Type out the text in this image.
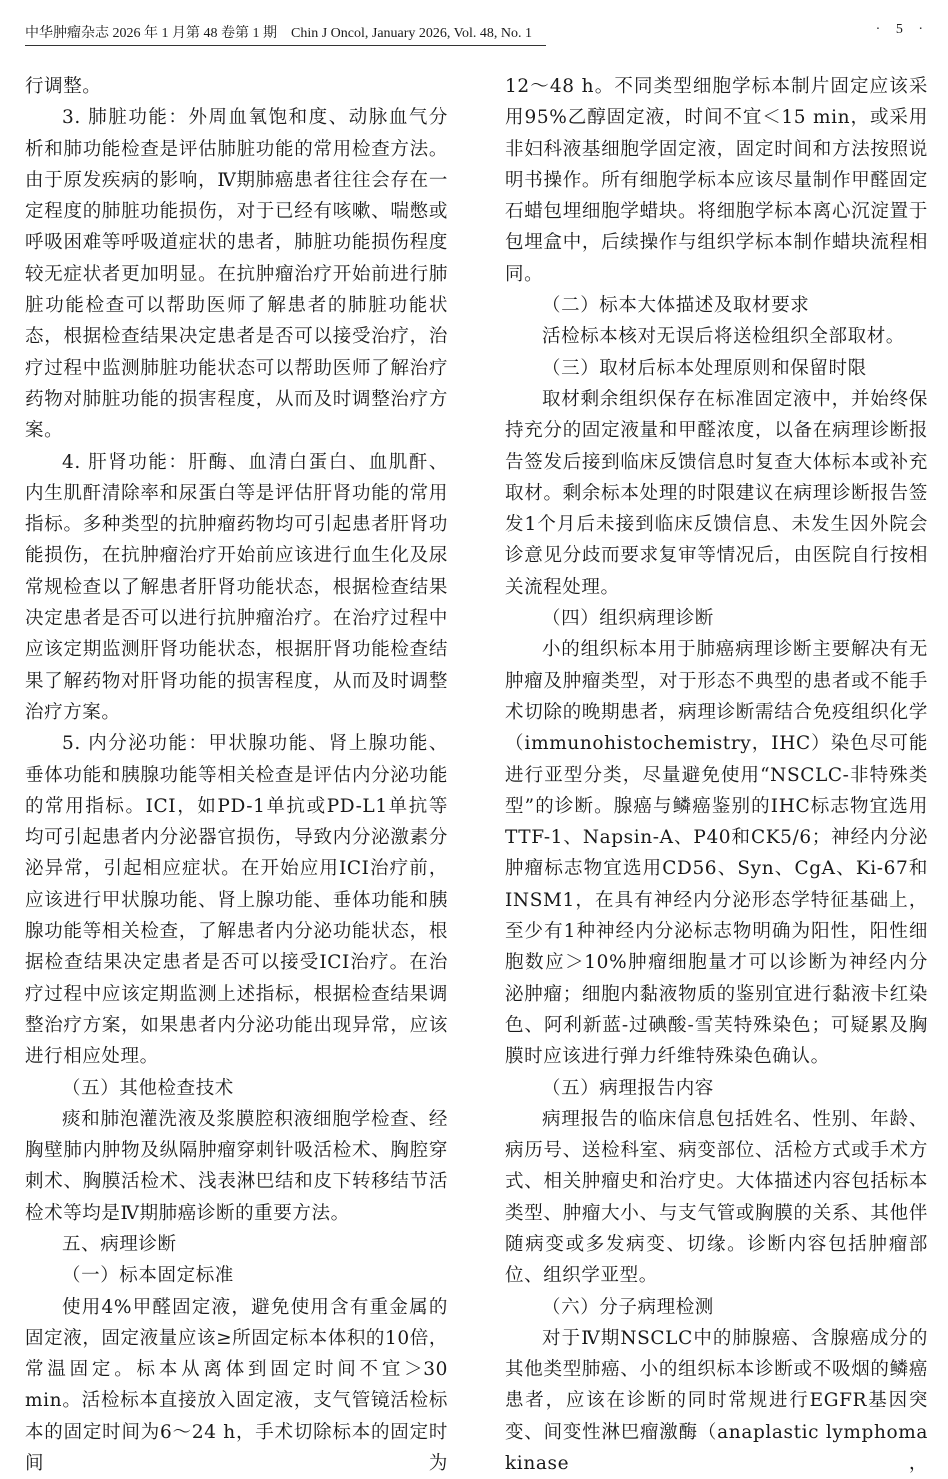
中华肿瘤杂志 2026 年 1 月第 48 卷第 1 期 Chin J Oncol, January 2026, Vol. 48, No. 1	· 5 ·

行调整。

3. 肺脏功能：外周血氧饱和度、动脉血气分析和肺功能检查是评估肺脏功能的常用检查方法。由于原发疾病的影响，Ⅳ期肺癌患者往往会存在一定程度的肺脏功能损伤，对于已经有咳嗽、喘憋或呼吸困难等呼吸道症状的患者，肺脏功能损伤程度较无症状者更加明显。在抗肿瘤治疗开始前进行肺脏功能检查可以帮助医师了解患者的肺脏功能状态，根据检查结果决定患者是否可以接受治疗，治疗过程中监测肺脏功能状态可以帮助医师了解治疗药物对肺脏功能的损害程度，从而及时调整治疗方案。

4. 肝肾功能：肝酶、血清白蛋白、血肌酐、内生肌酐清除率和尿蛋白等是评估肝肾功能的常用指标。多种类型的抗肿瘤药物均可引起患者肝肾功能损伤，在抗肿瘤治疗开始前应该进行血生化及尿常规检查以了解患者肝肾功能状态，根据检查结果决定患者是否可以进行抗肿瘤治疗。在治疗过程中应该定期监测肝肾功能状态，根据肝肾功能检查结果了解药物对肝肾功能的损害程度，从而及时调整治疗方案。

5. 内分泌功能：甲状腺功能、肾上腺功能、垂体功能和胰腺功能等相关检查是评估内分泌功能的常用指标。ICI，如PD-1单抗或PD-L1单抗等均可引起患者内分泌器官损伤，导致内分泌激素分泌异常，引起相应症状。在开始应用ICI治疗前，应该进行甲状腺功能、肾上腺功能、垂体功能和胰腺功能等相关检查，了解患者内分泌功能状态，根据检查结果决定患者是否可以接受ICI治疗。在治疗过程中应该定期监测上述指标，根据检查结果调整治疗方案，如果患者内分泌功能出现异常，应该进行相应处理。

（五）其他检查技术

痰和肺泡灌洗液及浆膜腔积液细胞学检查、经胸壁肺内肿物及纵隔肿瘤穿刺针吸活检术、胸腔穿刺术、胸膜活检术、浅表淋巴结和皮下转移结节活检术等均是Ⅳ期肺癌诊断的重要方法。

五、病理诊断

（一）标本固定标准

使用4%甲醛固定液，避免使用含有重金属的固定液，固定液量应该≥所固定标本体积的10倍，常温固定。标本从离体到固定时间不宜＞30 min。活检标本直接放入固定液，支气管镜活检标本的固定时间为6～24 h，手术切除标本的固定时间为

12～48 h。不同类型细胞学标本制片固定应该采用95%乙醇固定液，时间不宜＜15 min，或采用非妇科液基细胞学固定液，固定时间和方法按照说明书操作。所有细胞学标本应该尽量制作甲醛固定石蜡包埋细胞学蜡块。将细胞学标本离心沉淀置于包埋盒中，后续操作与组织学标本制作蜡块流程相同。

（二）标本大体描述及取材要求

活检标本核对无误后将送检组织全部取材。

（三）取材后标本处理原则和保留时限

取材剩余组织保存在标准固定液中，并始终保持充分的固定液量和甲醛浓度，以备在病理诊断报告签发后接到临床反馈信息时复查大体标本或补充取材。剩余标本处理的时限建议在病理诊断报告签发1个月后未接到临床反馈信息、未发生因外院会诊意见分歧而要求复审等情况后，由医院自行按相关流程处理。

（四）组织病理诊断

小的组织标本用于肺癌病理诊断主要解决有无肿瘤及肿瘤类型，对于形态不典型的患者或不能手术切除的晚期患者，病理诊断需结合免疫组织化学（immunohistochemistry，IHC）染色尽可能进行亚型分类，尽量避免使用“NSCLC-非特殊类型”的诊断。腺癌与鳞癌鉴别的IHC标志物宜选用TTF-1、Napsin-A、P40和CK5/6；神经内分泌肿瘤标志物宜选用CD56、Syn、CgA、Ki-67和INSM1，在具有神经内分泌形态学特征基础上，至少有1种神经内分泌标志物明确为阳性，阳性细胞数应＞10%肿瘤细胞量才可以诊断为神经内分泌肿瘤；细胞内黏液物质的鉴别宜进行黏液卡红染色、阿利新蓝-过碘酸-雪芙特殊染色；可疑累及胸膜时应该进行弹力纤维特殊染色确认。

（五）病理报告内容

病理报告的临床信息包括姓名、性别、年龄、病历号、送检科室、病变部位、活检方式或手术方式、相关肿瘤史和治疗史。大体描述内容包括标本类型、肿瘤大小、与支气管或胸膜的关系、其他伴随病变或多发病变、切缘。诊断内容包括肿瘤部位、组织学亚型。

（六）分子病理检测

对于Ⅳ期NSCLC中的肺腺癌、含腺癌成分的其他类型肺癌、小的组织标本诊断或不吸烟的鳞癌患者，应该在诊断的同时常规进行EGFR基因突变、间变性淋巴瘤激酶（anaplastic lymphoma kinase，
